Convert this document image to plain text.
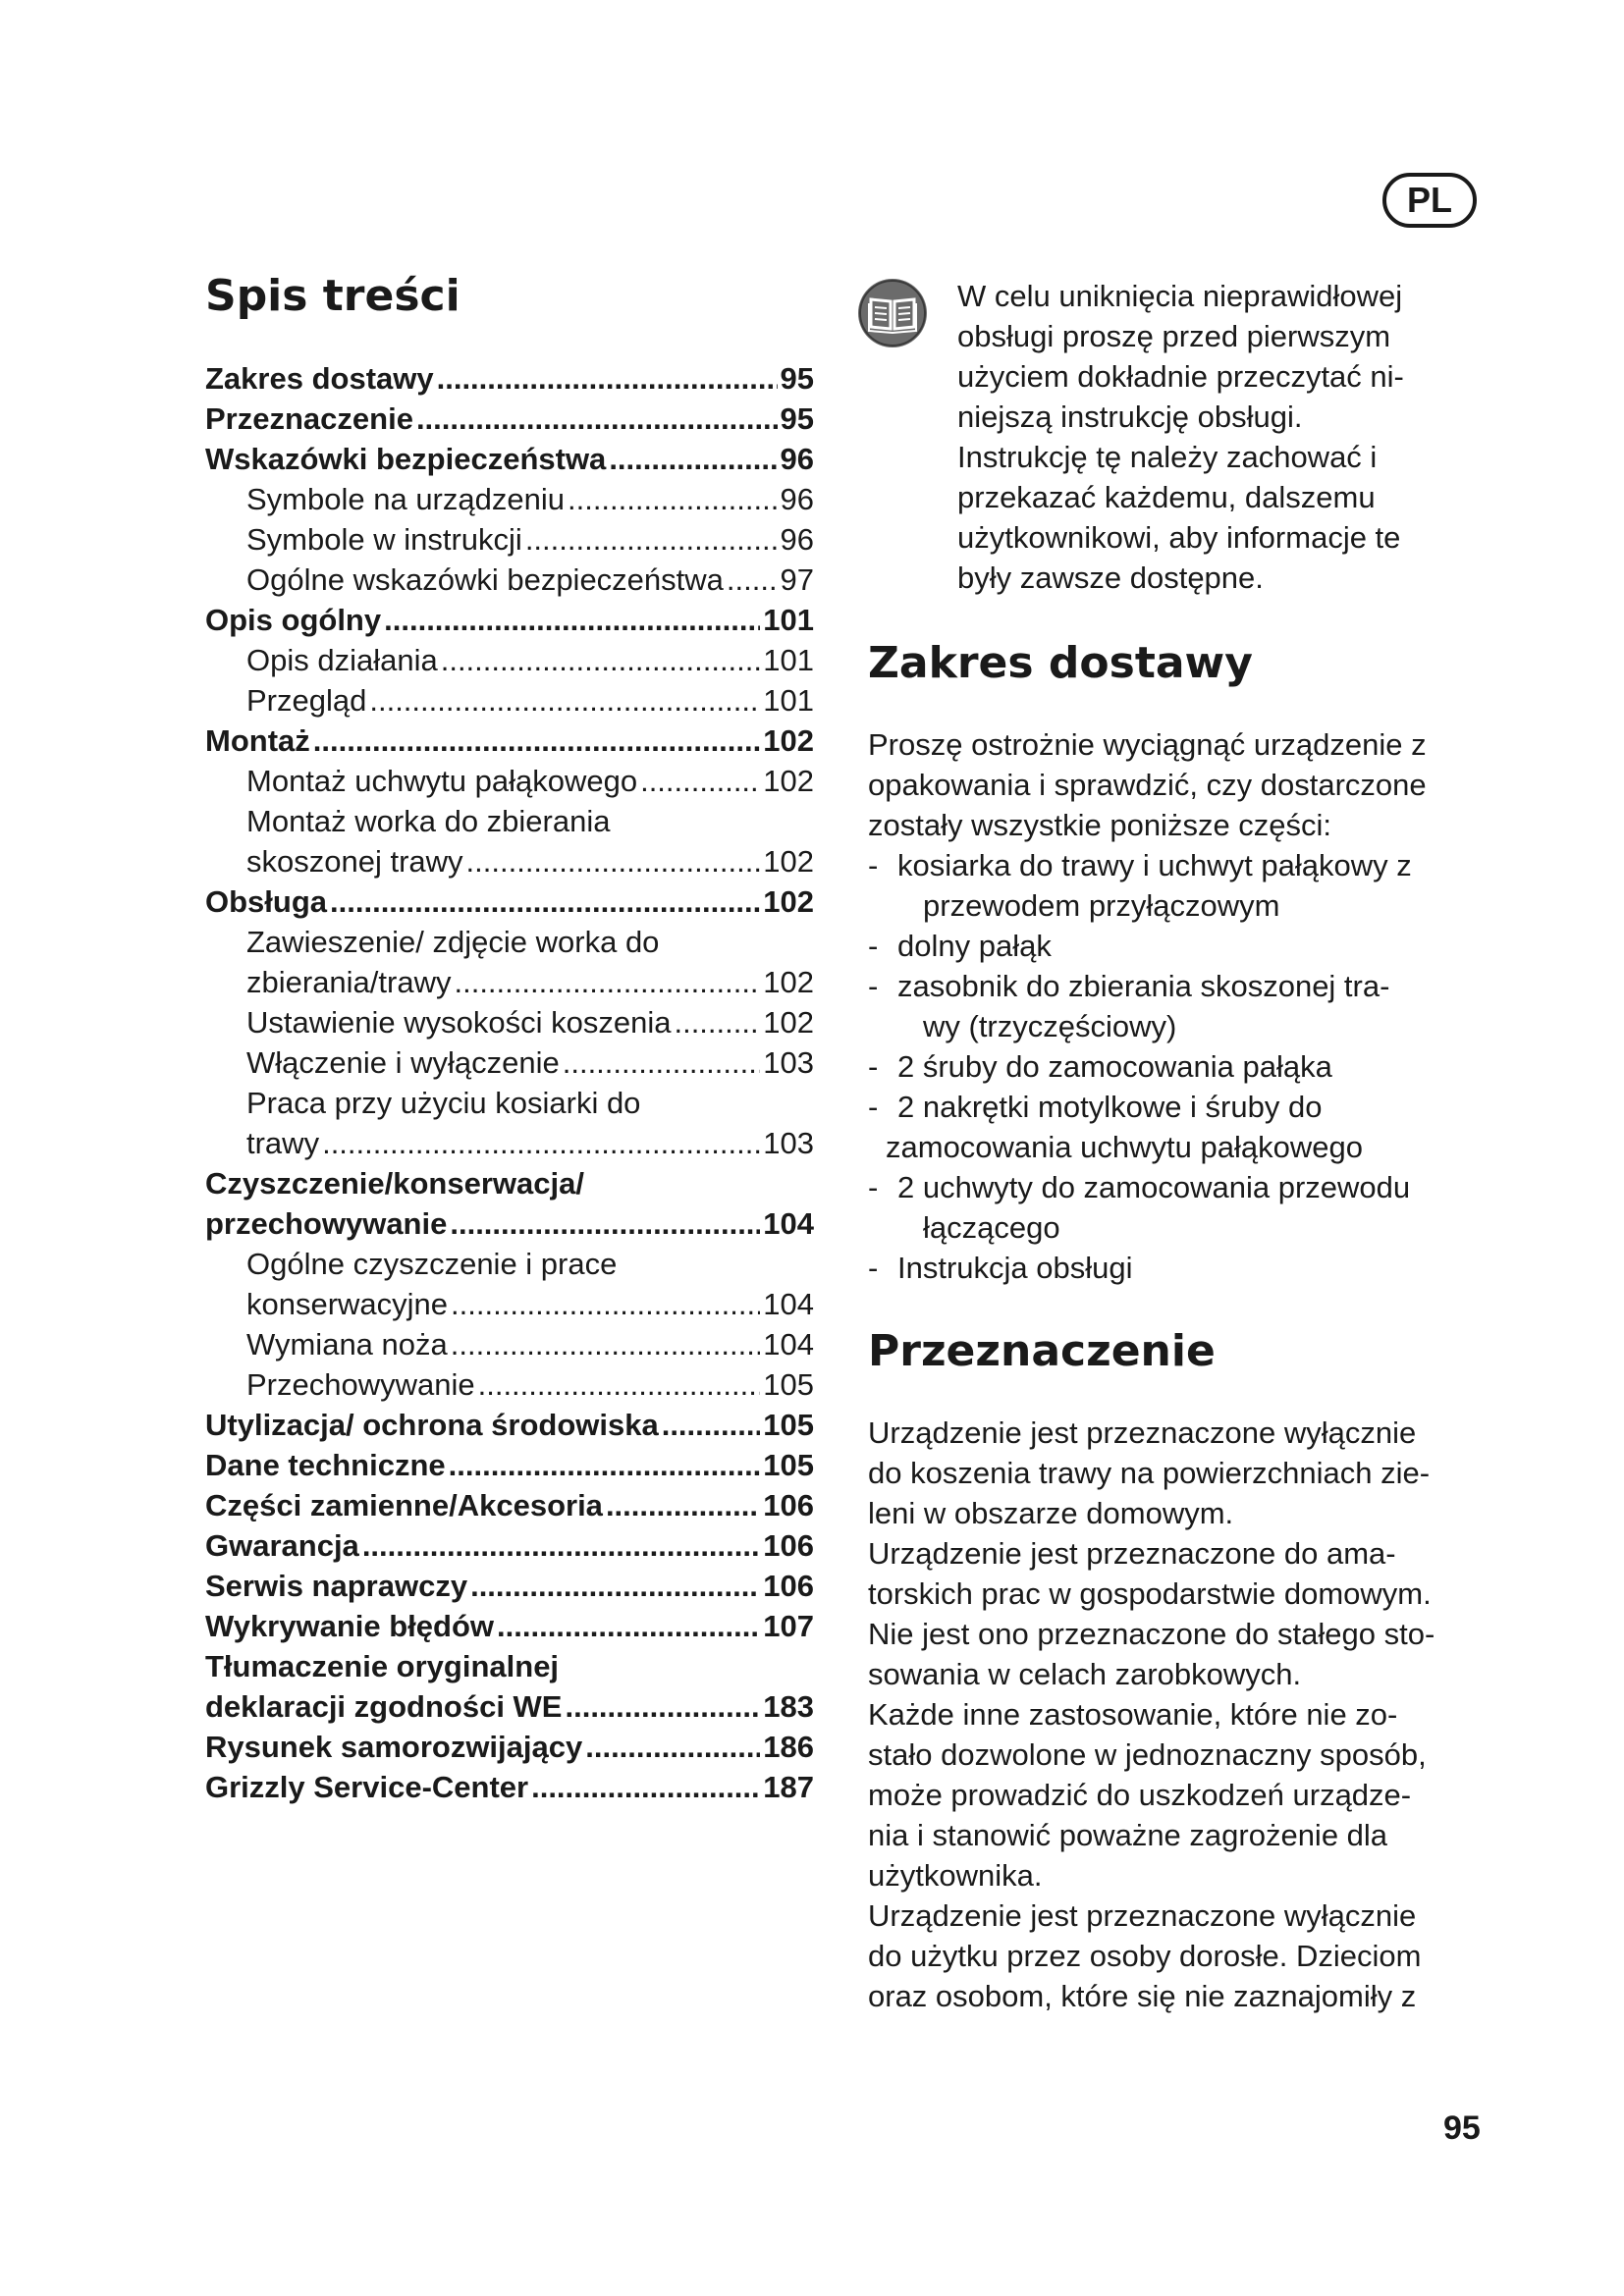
PL
Spis treści
Zakres dostawy .....	95
Przeznaczenie .....	95
Wskazówki bezpieczeństwa .....	96
Symbole na urządzeniu .....	96
Symbole w instrukcji .....	96
Ogólne wskazówki bezpieczeństwa ..... 97
Opis ogólny .....	101
Opis działania .....	101
Przegląd .....	101
Montaż .....	102
Montaż uchwytu pałąkowego .....	102
Montaż worka do zbierania
skoszonej trawy .....	102
Obsługa .....	102
Zawieszenie/ zdjęcie worka do
zbierania/trawy .....	102
Ustawienie wysokości koszenia .....	102
Włączenie i wyłączenie .....	103
Praca przy użyciu kosiarki do
trawy .....	103
Czyszczenie/konserwacja/
przechowywanie .....	104
Ogólne czyszczenie i prace
konserwacyjne .....	104
Wymiana noża .....	104
Przechowywanie .....	105
Utylizacja/ ochrona środowiska .....	105
Dane techniczne .....	105
Części zamienne/Akcesoria .....	106
Gwarancja .....	106
Serwis naprawczy .....	106
Wykrywanie błędów .....	107
Tłumaczenie oryginalnej
deklaracji zgodności WE .....	183
Rysunek samorozwijający .....	186
Grizzly Service-Center .....	187
W celu uniknięcia nieprawidłowej
obsługi proszę przed pierwszym
użyciem dokładnie przeczytać ni-
niejszą instrukcję obsługi.
Instrukcję tę należy zachować i
przekazać każdemu, dalszemu
użytkownikowi, aby informacje te
były zawsze dostępne.
Zakres dostawy
Proszę ostrożnie wyciągnąć urządzenie z
opakowania i sprawdzić, czy dostarczone
zostały wszystkie poniższe części:
- kosiarka do trawy i uchwyt pałąkowy z
przewodem przyłączowym
- dolny pałąk
- zasobnik do zbierania skoszonej tra-
wy (trzyczęściowy)
- 2 śruby do zamocowania pałąka
- 2 nakrętki motylkowe i śruby do
zamocowania uchwytu pałąkowego
- 2 uchwyty do zamocowania przewodu
łączącego
- Instrukcja obsługi
Przeznaczenie
Urządzenie jest przeznaczone wyłącznie
do koszenia trawy na powierzchniach zie-
leni w obszarze domowym.
Urządzenie jest przeznaczone do ama-
torskich prac w gospodarstwie domowym.
Nie jest ono przeznaczone do stałego sto-
sowania w celach zarobkowych.
Każde inne zastosowanie, które nie zo-
stało dozwolone w jednoznaczny sposób,
może prowadzić do uszkodzeń urządze-
nia i stanowić poważne zagrożenie dla
użytkownika.
Urządzenie jest przeznaczone wyłącznie
do użytku przez osoby dorosłe. Dzieciom
oraz osobom, które się nie zaznajomiły z
95
